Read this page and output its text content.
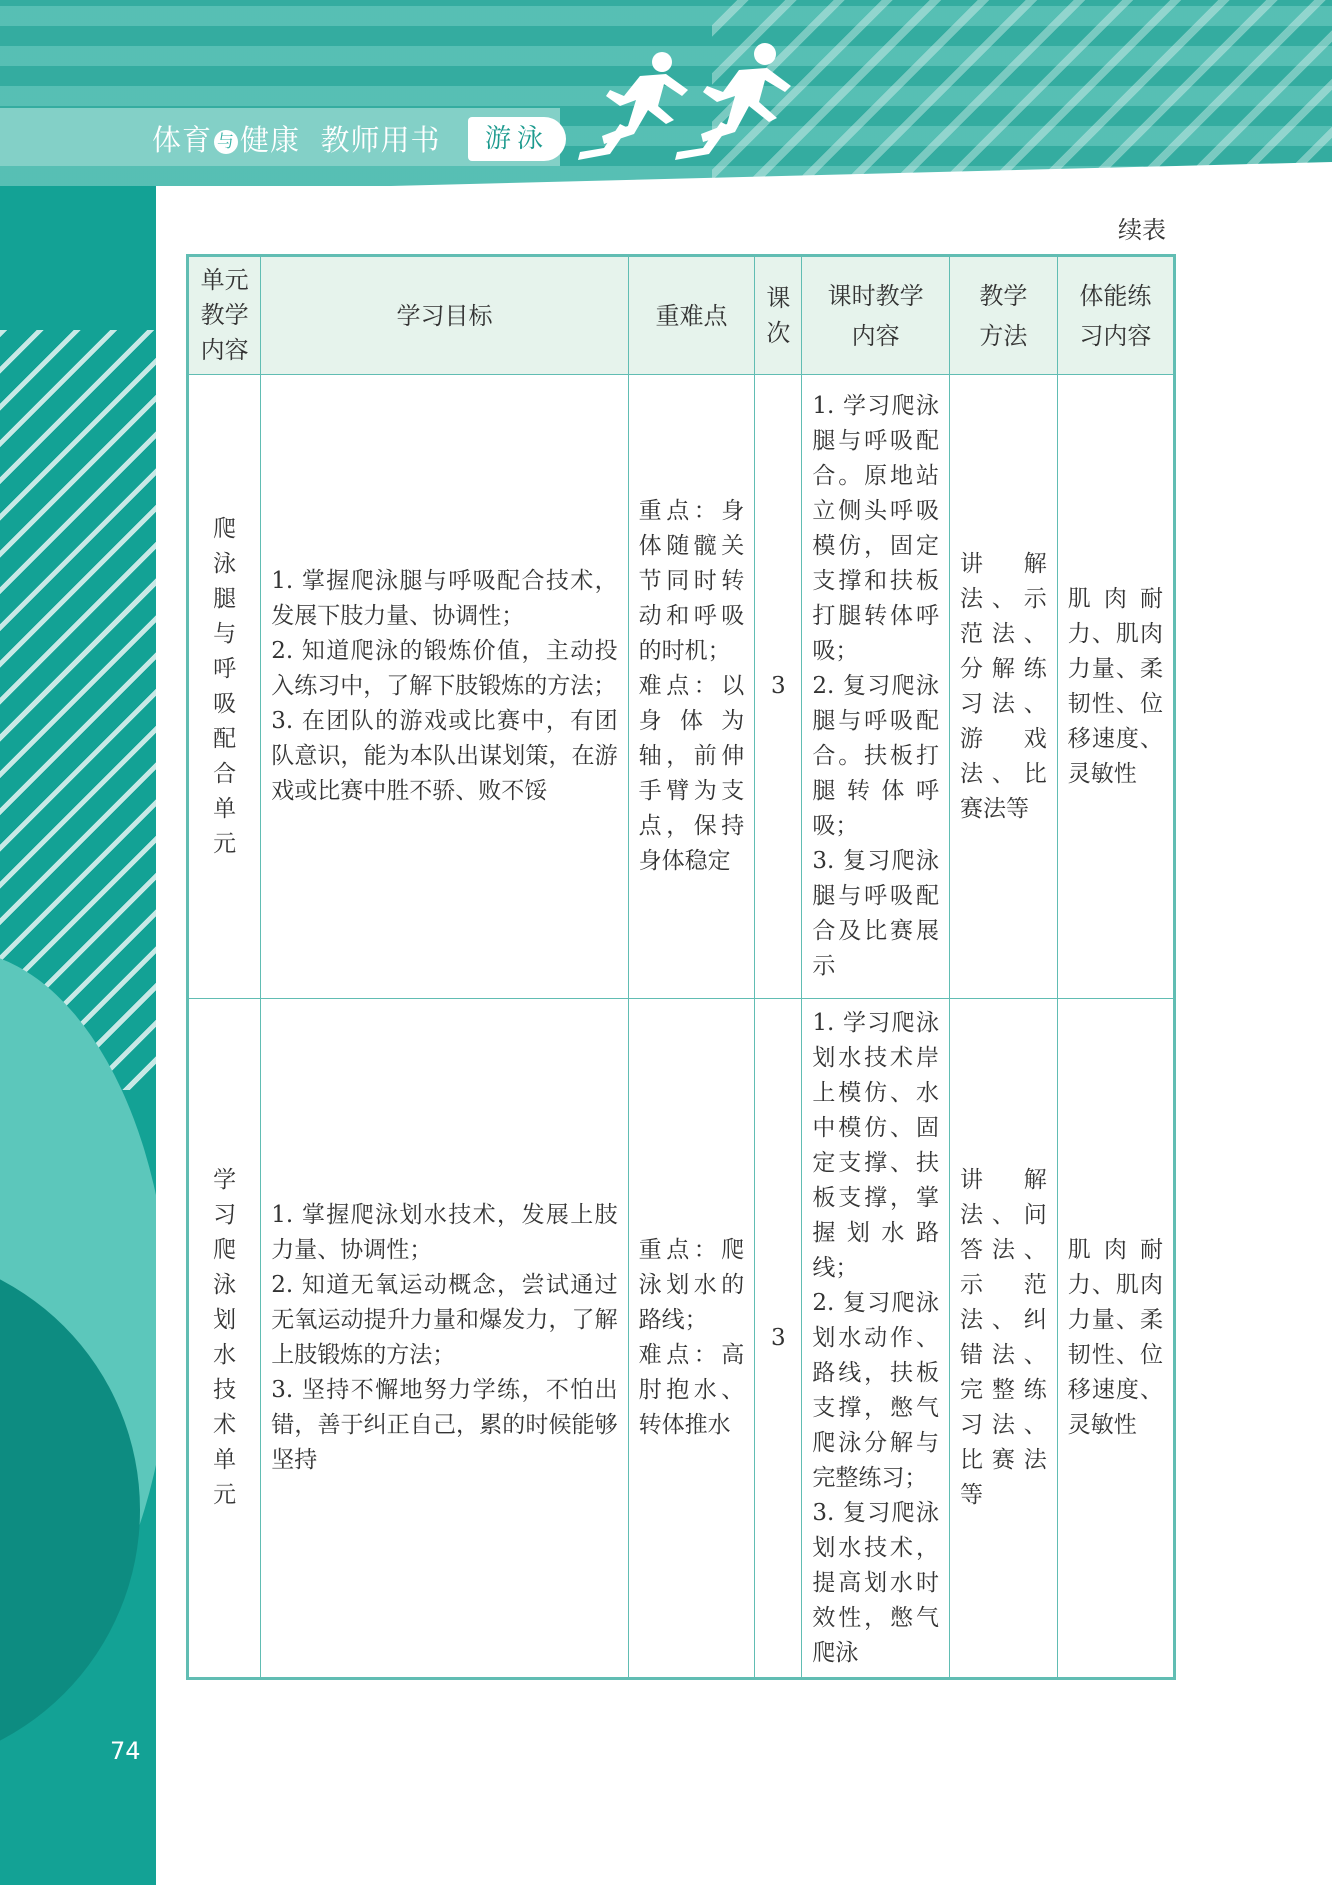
体育 与 健康  教师用书	游泳
续表
单元教学内容	学习目标	重难点	课次	课时教学内容	教学方法	体能练习内容

爬泳腿与呼吸配合单元	1. 掌握爬泳腿与呼吸配合技术，发展下肢力量、协调性；
2. 知道爬泳的锻炼价值，主动投入练习中，了解下肢锻炼的方法；
3. 在团队的游戏或比赛中，有团队意识，能为本队出谋划策，在游戏或比赛中胜不骄、败不馁	重点：身体随髋关节同时转动和呼吸的时机；
难点：以身体为轴，前伸手臂为支点，保持身体稳定	3	1. 学习爬泳腿与呼吸配合。原地站立侧头呼吸模仿，固定支撑和扶板打腿转体呼吸；
2. 复习爬泳腿与呼吸配合。扶板打腿转体呼吸；
3. 复习爬泳腿与呼吸配合及比赛展示	讲解法、示范法、分解练习法、游戏法、比赛法等	肌肉耐力、肌肉力量、柔韧性、位移速度、灵敏性

学习爬泳划水技术单元	1. 掌握爬泳划水技术，发展上肢力量、协调性；
2. 知道无氧运动概念，尝试通过无氧运动提升力量和爆发力，了解上肢锻炼的方法；
3. 坚持不懈地努力学练，不怕出错，善于纠正自己，累的时候能够坚持	重点：爬泳划水的路线；
难点：高肘抱水、转体推水	3	1. 学习爬泳划水技术岸上模仿、水中模仿、固定支撑、扶板支撑，掌握划水路线；
2. 复习爬泳划水动作、路线，扶板支撑，憋气爬泳分解与完整练习；
3. 复习爬泳划水技术，提高划水时效性，憋气爬泳	讲解法、问答法、示范法、纠错法、完整练习法、比赛法等	肌肉耐力、肌肉力量、柔韧性、位移速度、灵敏性
74
